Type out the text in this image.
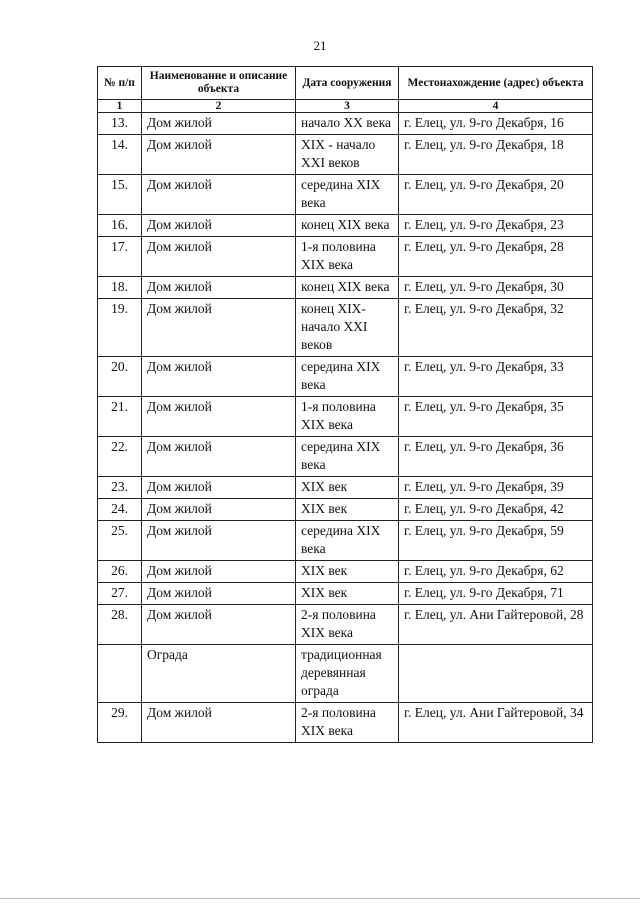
21
№ п/п	Наименование и описание объекта	Дата сооружения	Местонахождение (адрес) объекта
1	2	3	4
13.	Дом жилой	начало XX века	г. Елец, ул. 9-го Декабря, 16
14.	Дом жилой	XIX - начало XXI веков	г. Елец, ул. 9-го Декабря, 18
15.	Дом жилой	середина XIX века	г. Елец, ул. 9-го Декабря, 20
16.	Дом жилой	конец XIX века	г. Елец, ул. 9-го Декабря, 23
17.	Дом жилой	1-я половина XIX века	г. Елец, ул. 9-го Декабря, 28
18.	Дом жилой	конец XIX века	г. Елец, ул. 9-го Декабря, 30
19.	Дом жилой	конец XIX- начало XXI веков	г. Елец, ул. 9-го Декабря, 32
20.	Дом жилой	середина XIX века	г. Елец, ул. 9-го Декабря, 33
21.	Дом жилой	1-я половина XIX века	г. Елец, ул. 9-го Декабря, 35
22.	Дом жилой	середина XIX века	г. Елец, ул. 9-го Декабря, 36
23.	Дом жилой	XIX век	г. Елец, ул. 9-го Декабря, 39
24.	Дом жилой	XIX век	г. Елец, ул. 9-го Декабря, 42
25.	Дом жилой	середина XIX века	г. Елец, ул. 9-го Декабря, 59
26.	Дом жилой	XIX век	г. Елец, ул. 9-го Декабря, 62
27.	Дом жилой	XIX век	г. Елец, ул. 9-го Декабря, 71
28.	Дом жилой	2-я половина XIX века	г. Елец, ул. Ани Гайтеровой, 28
	Ограда	традиционная деревянная ограда	
29.	Дом жилой	2-я половина XIX века	г. Елец, ул. Ани Гайтеровой, 34
